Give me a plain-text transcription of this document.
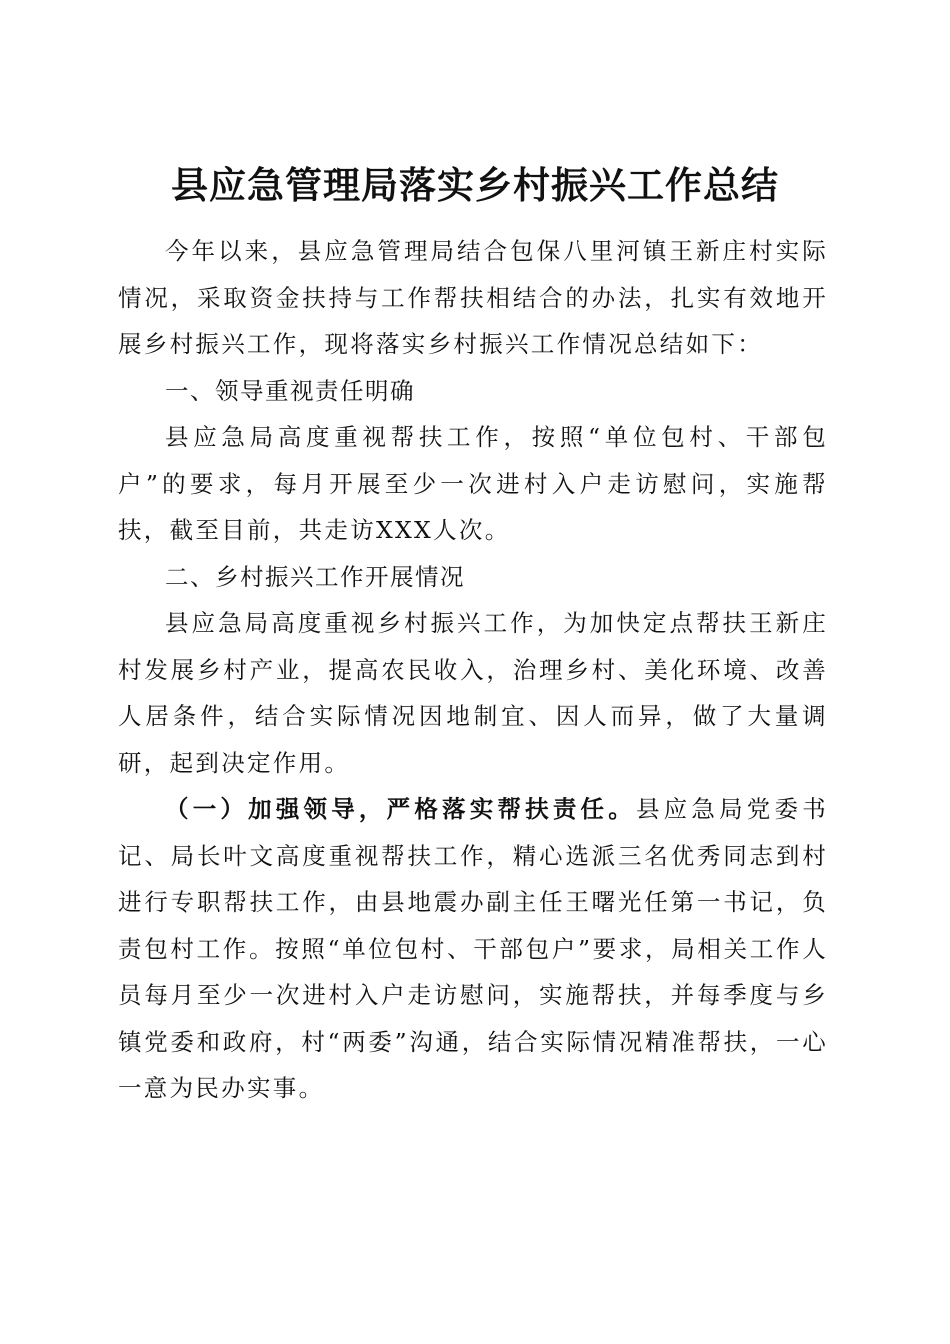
县应急管理局落实乡村振兴工作总结

今年以来，县应急管理局结合包保八里河镇王新庄村实际情况，采取资金扶持与工作帮扶相结合的办法，扎实有效地开展乡村振兴工作，现将落实乡村振兴工作情况总结如下：

一、领导重视责任明确

县应急局高度重视帮扶工作，按照“单位包村、干部包户”的要求，每月开展至少一次进村入户走访慰问，实施帮扶，截至目前，共走访XXX人次。

二、乡村振兴工作开展情况

县应急局高度重视乡村振兴工作，为加快定点帮扶王新庄村发展乡村产业，提高农民收入，治理乡村、美化环境、改善人居条件，结合实际情况因地制宜、因人而异，做了大量调研，起到决定作用。

（一）加强领导，严格落实帮扶责任。县应急局党委书记、局长叶文高度重视帮扶工作，精心选派三名优秀同志到村进行专职帮扶工作，由县地震办副主任王曙光任第一书记，负责包村工作。按照“单位包村、干部包户”要求，局相关工作人员每月至少一次进村入户走访慰问，实施帮扶，并每季度与乡镇党委和政府，村“两委”沟通，结合实际情况精准帮扶，一心一意为民办实事。
